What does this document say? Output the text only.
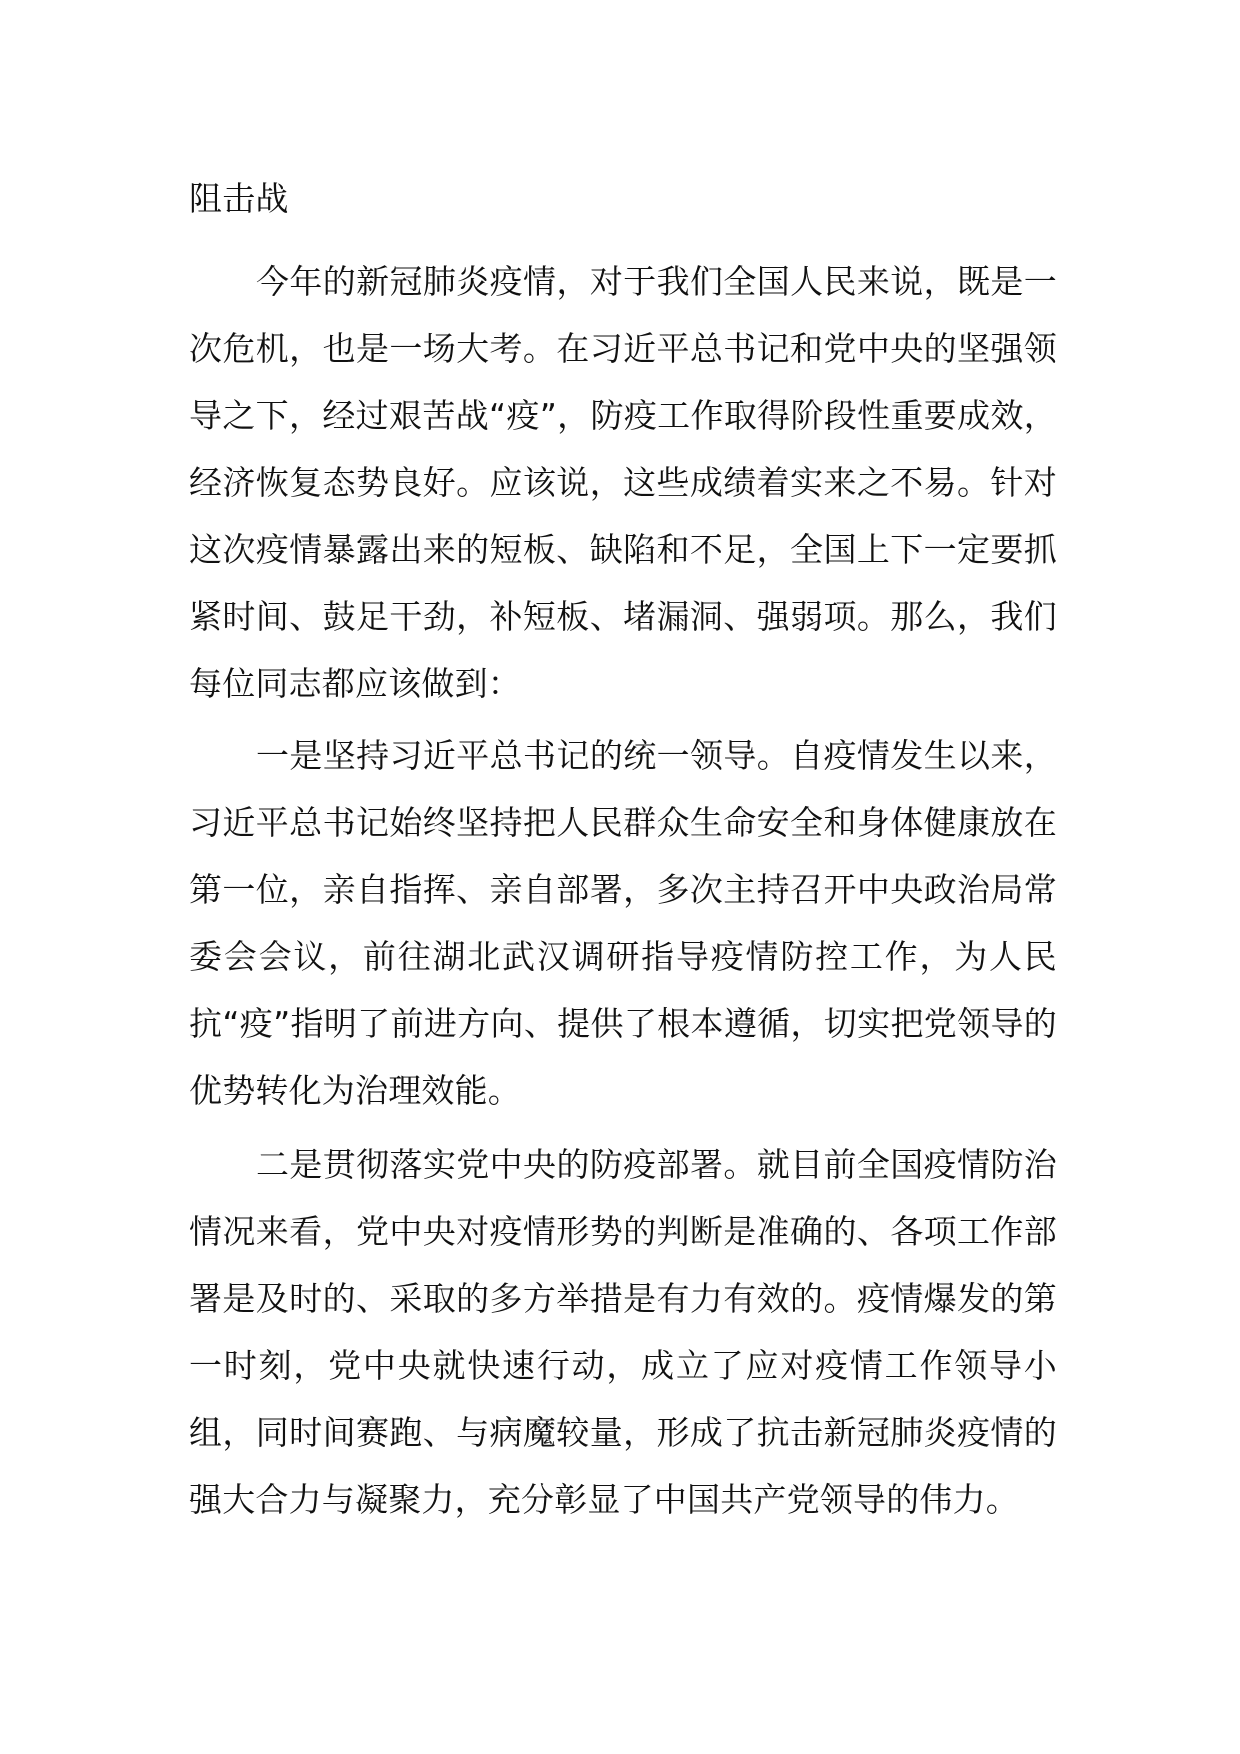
阻击战

今年的新冠肺炎疫情，对于我们全国人民来说，既是一次危机，也是一场大考。在习近平总书记和党中央的坚强领导之下，经过艰苦战“疫”，防疫工作取得阶段性重要成效，经济恢复态势良好。应该说，这些成绩着实来之不易。针对这次疫情暴露出来的短板、缺陷和不足，全国上下一定要抓紧时间、鼓足干劲，补短板、堵漏洞、强弱项。那么，我们每位同志都应该做到：

一是坚持习近平总书记的统一领导。自疫情发生以来，习近平总书记始终坚持把人民群众生命安全和身体健康放在第一位，亲自指挥、亲自部署，多次主持召开中央政治局常委会会议，前往湖北武汉调研指导疫情防控工作，为人民抗“疫”指明了前进方向、提供了根本遵循，切实把党领导的优势转化为治理效能。

二是贯彻落实党中央的防疫部署。就目前全国疫情防治情况来看，党中央对疫情形势的判断是准确的、各项工作部署是及时的、采取的多方举措是有力有效的。疫情爆发的第一时刻，党中央就快速行动，成立了应对疫情工作领导小组，同时间赛跑、与病魔较量，形成了抗击新冠肺炎疫情的强大合力与凝聚力，充分彰显了中国共产党领导的伟力。
